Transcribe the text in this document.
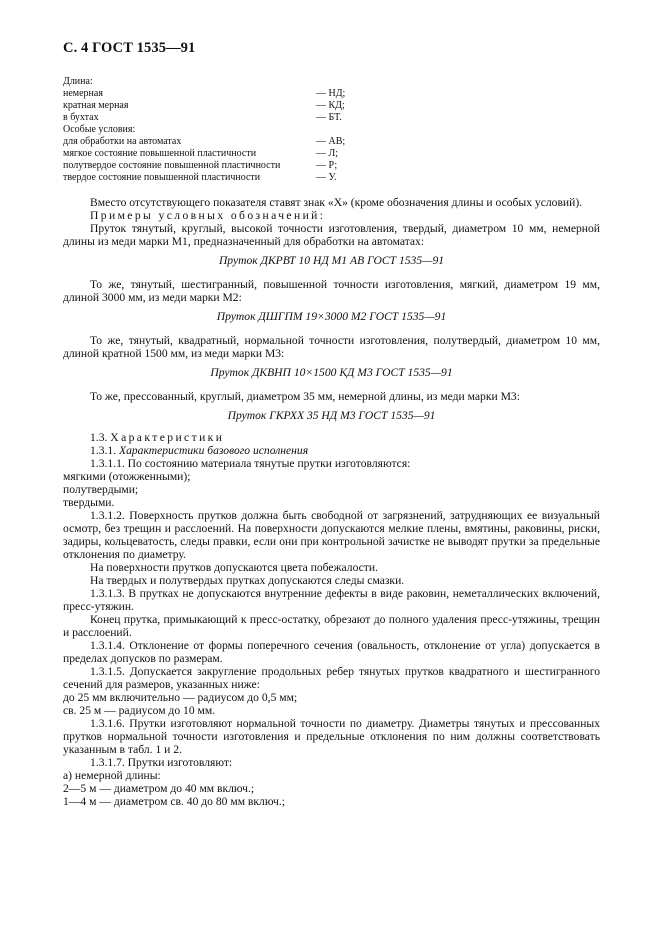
С. 4 ГОСТ 1535—91
Длина:
немерная	— НД;
кратная мерная	— КД;
в бухтах	— БТ.
Особые условия:
для обработки на автоматах	— АВ;
мягкое состояние повышенной пластичности	— Л;
полутвердое состояние повышенной пластичности	— Р;
твердое состояние повышенной пластичности	— У.

Вместо отсутствующего показателя ставят знак «Х» (кроме обозначения длины и особых условий).

Примеры условных обозначений:

Пруток тянутый, круглый, высокой точности изготовления, твердый, диаметром 10 мм, немерной длины из меди марки М1, предназначенный для обработки на автоматах:

Пруток ДКРВТ 10 НД М1 АВ ГОСТ 1535—91

То же, тянутый, шестигранный, повышенной точности изготовления, мягкий, диаметром 19 мм, длиной 3000 мм, из меди марки М2:

Пруток ДШГПМ 19×3000 М2 ГОСТ 1535—91

То же, тянутый, квадратный, нормальной точности изготовления, полутвердый, диаметром 10 мм, длиной кратной 1500 мм, из меди марки М3:

Пруток ДКВНП 10×1500 КД М3 ГОСТ 1535—91

То же, прессованный, круглый, диаметром 35 мм, немерной длины, из меди марки М3:

Пруток ГКРХХ 35 НД М3 ГОСТ 1535—91

1.3. Характеристики

1.3.1. Характеристики базового исполнения

1.3.1.1. По состоянию материала тянутые прутки изготовляются:

мягкими (отожженными);

полутвердыми;

твердыми.

1.3.1.2. Поверхность прутков должна быть свободной от загрязнений, затрудняющих ее визуальный осмотр, без трещин и расслоений. На поверхности допускаются мелкие плены, вмятины, раковины, риски, задиры, кольцеватость, следы правки, если они при контрольной зачистке не выводят прутки за предельные отклонения по диаметру.

На поверхности прутков допускаются цвета побежалости.

На твердых и полутвердых прутках допускаются следы смазки.

1.3.1.3. В прутках не допускаются внутренние дефекты в виде раковин, неметаллических включений, пресс-утяжин.

Конец прутка, примыкающий к пресс-остатку, обрезают до полного удаления пресс-утяжины, трещин и расслоений.

1.3.1.4. Отклонение от формы поперечного сечения (овальность, отклонение от угла) допускается в пределах допусков по размерам.

1.3.1.5. Допускается закругление продольных ребер тянутых прутков квадратного и шестигранного сечений для размеров, указанных ниже:

до 25 мм включительно — радиусом до 0,5 мм;

св. 25 м — радиусом до 10 мм.

1.3.1.6. Прутки изготовляют нормальной точности по диаметру. Диаметры тянутых и прессованных прутков нормальной точности изготовления и предельные отклонения по ним должны соответствовать указанным в табл. 1 и 2.

1.3.1.7. Прутки изготовляют:

а) немерной длины:

2—5 м — диаметром до 40 мм включ.;

1—4 м — диаметром св. 40 до 80 мм включ.;
